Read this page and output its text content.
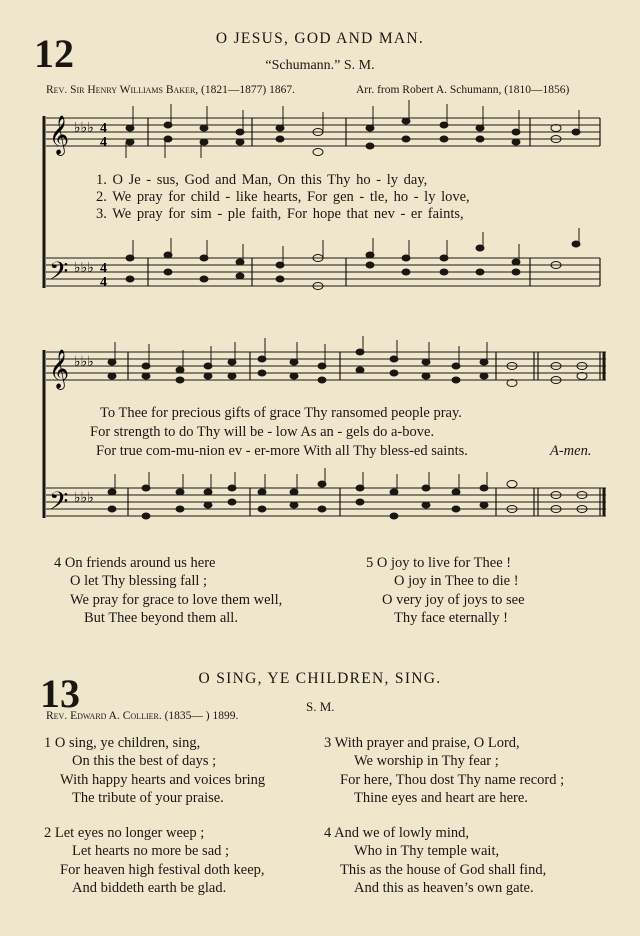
12	O JESUS, GOD AND MAN.
“Schumann.” S. M.
Rev. Sir Henry Williams Baker, (1821—1877) 1867.	Arr. from Robert A. Schumann, (1810—1856)
𝄞
𝄢
♭♭♭
♭♭♭
4
4
4
4
𝄞
𝄢
♭♭♭
♭♭♭
1. O Je - sus, God and Man, On this Thy ho - ly day,
2. We pray for child - like hearts, For gen - tle, ho - ly love,
3. We pray for sim - ple faith, For hope that nev - er faints,
To Thee for precious gifts of grace Thy ransomed people pray.
For strength to do Thy will be - low As an - gels do a-bove.
For true com-mu-nion ev - er-more With all Thy bless-ed saints.	A-men.
4 On friends around us here
O let Thy blessing fall ;
We pray for grace to love them well,
But Thee beyond them all.
5 O joy to live for Thee !
O joy in Thee to die !
O very joy of joys to see
Thy face eternally !
13	O SING, YE CHILDREN, SING.
S. M.
Rev. Edward A. Collier. (1835— ) 1899.
1 O sing, ye children, sing,
On this the best of days ;
With happy hearts and voices bring
The tribute of your praise.
3 With prayer and praise, O Lord,
We worship in Thy fear ;
For here, Thou dost Thy name record ;
Thine eyes and heart are here.
2 Let eyes no longer weep ;
Let hearts no more be sad ;
For heaven high festival doth keep,
And biddeth earth be glad.
4 And we of lowly mind,
Who in Thy temple wait,
This as the house of God shall find,
And this as heaven’s own gate.
